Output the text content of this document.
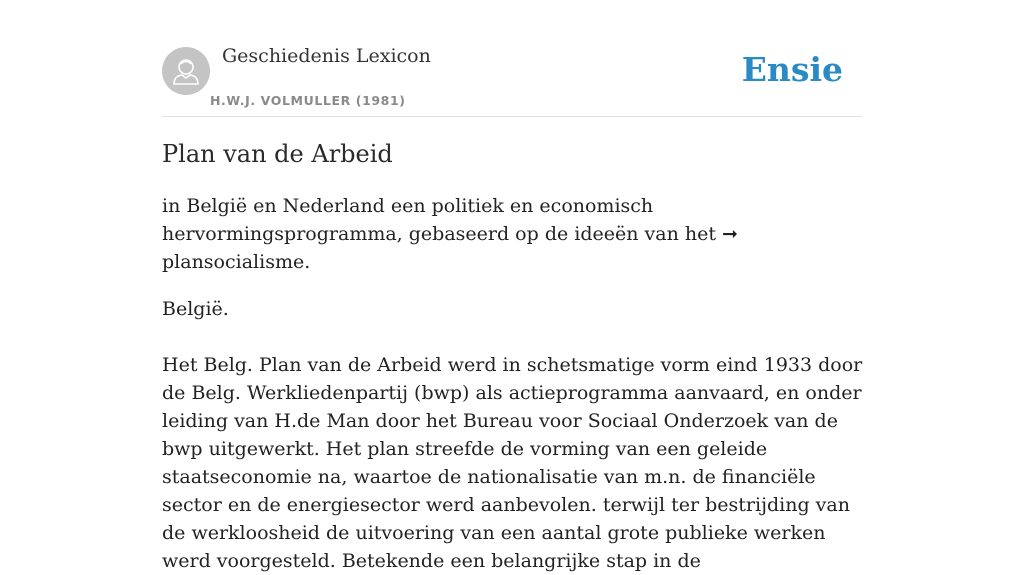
Geschiedenis Lexicon
H.W.J. VOLMULLER (1981)
Ensie
Plan van de Arbeid

in België en Nederland een politiek en economisch hervormingsprogramma, gebaseerd op de ideeën van het ➞ plansocialisme.

België.

Het Belg. Plan van de Arbeid werd in schetsmatige vorm eind 1933 door de Belg. Werkliedenpartij (bwp) als actieprogramma aanvaard, en onder leiding van H.de Man door het Bureau voor Sociaal Onderzoek van de bwp uitgewerkt. Het plan streefde de vorming van een geleide staatseconomie na, waartoe de nationalisatie van m.n. de financiële sector en de energiesector werd aanbevolen. terwijl ter bestrijding van de werkloosheid de uitvoering van een aantal grote publieke werken werd voorgesteld. Betekende een belangrijke stap in de
